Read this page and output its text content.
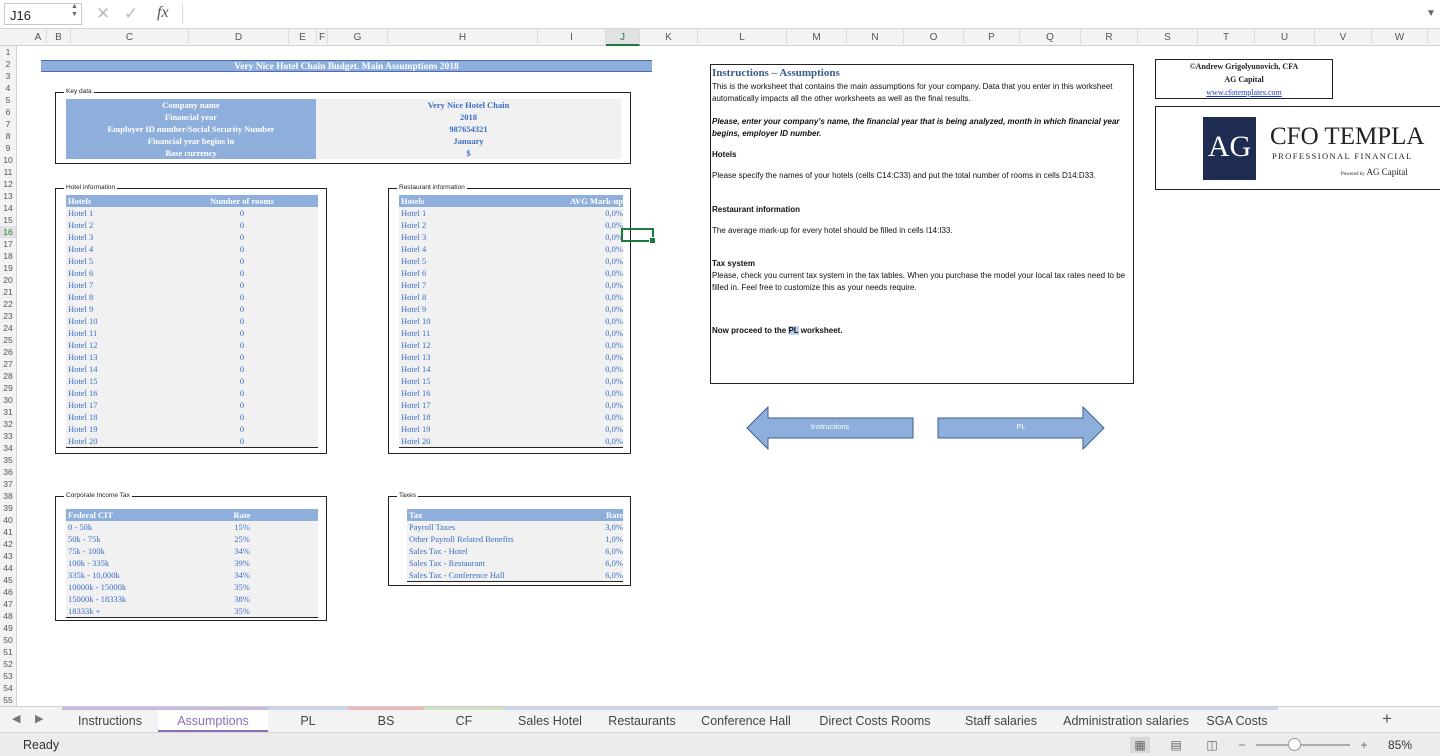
J16
▲
▼ ✕ ✓ fx	▼
A	B	C	D	E	F	G	H	I	J	K	L	M	N	O	P	Q	R	S	T	U	V	W
1
2
3
4
5
6
7
8
9
10
11
12
13
14
15
16
17
18
19
20
21
22
23
24
25
26
27
28
29
30
31
32
33
34
35
36
37
38
39
40
41
42
43
44
45
46
47
48
49
50
51
52
53
54
55
Very Nice Hotel Chain Budget. Main Assumptions 2018
Key data
Company name	Very Nice Hotel Chain
Financial year	2018
Employer ID number/Social Security Number	987654321
Financial year begins in	January
Base currency	$
Hotel information
Hotels	Number of rooms
Hotel 1	0
Hotel 2	0
Hotel 3	0
Hotel 4	0
Hotel 5	0
Hotel 6	0
Hotel 7	0
Hotel 8	0
Hotel 9	0
Hotel 10	0
Hotel 11	0
Hotel 12	0
Hotel 13	0
Hotel 14	0
Hotel 15	0
Hotel 16	0
Hotel 17	0
Hotel 18	0
Hotel 19	0
Hotel 20	0
Restaurant information
Hotels	AVG Mark-up
Hotel 1	0,0%
Hotel 2	0,0%
Hotel 3	0,0%
Hotel 4	0,0%
Hotel 5	0,0%
Hotel 6	0,0%
Hotel 7	0,0%
Hotel 8	0,0%
Hotel 9	0,0%
Hotel 10	0,0%
Hotel 11	0,0%
Hotel 12	0,0%
Hotel 13	0,0%
Hotel 14	0,0%
Hotel 15	0,0%
Hotel 16	0,0%
Hotel 17	0,0%
Hotel 18	0,0%
Hotel 19	0,0%
Hotel 20	0,0%
Corporate Income Tax
Federal CIT	Rate
0 - 50k	15%
50k - 75k	25%
75k - 100k	34%
100k - 335k	39%
335k - 10,000k	34%
10000k - 15000k	35%
15000k - 18333k	38%
18333k +	35%
Taxes
Tax	Rate
Payroll Taxes	3,0%
Other Payroll Related Benefits	1,0%
Sales Tax - Hotel	6,0%
Sales Tax - Restaurant	6,0%
Sales Tax - Conference Hall	6,0%

Instructions – Assumptions

This is the worksheet that contains the main assumptions for your company. Data that you enter in this worksheet automatically impacts all the other worksheets as well as the final results.

Please, enter your company’s name, the financial year that is being analyzed, month in which financial year begins, employer ID number.

Hotels

Please specify the names of your hotels (cells C14:C33) and put the total number of rooms in cells D14:D33.

Restaurant information

The average mark-up for every hotel should be filled in cells I14:I33.

Tax system

Please, check you current tax system in the tax tables. When you purchase the model your local tax rates need to be filled in. Feel free to customize this as your needs require.

Now proceed to the PL worksheet.

©Andrew Grigolyunovich, CFA
AG Capital
www.cfotemplates.com
AG CFO TEMPLA
PROFESSIONAL FINANCIAL
Powered by AG Capital
Instructions	PL
◀ ▶	Instructions	Assumptions	PL	BS	CF	Sales Hotel	Restaurants	Conference Hall	Direct Costs Rooms	Staff salaries	Administration salaries	SGA Costs	+
Ready	▦	▤	◫	−	+	85%
